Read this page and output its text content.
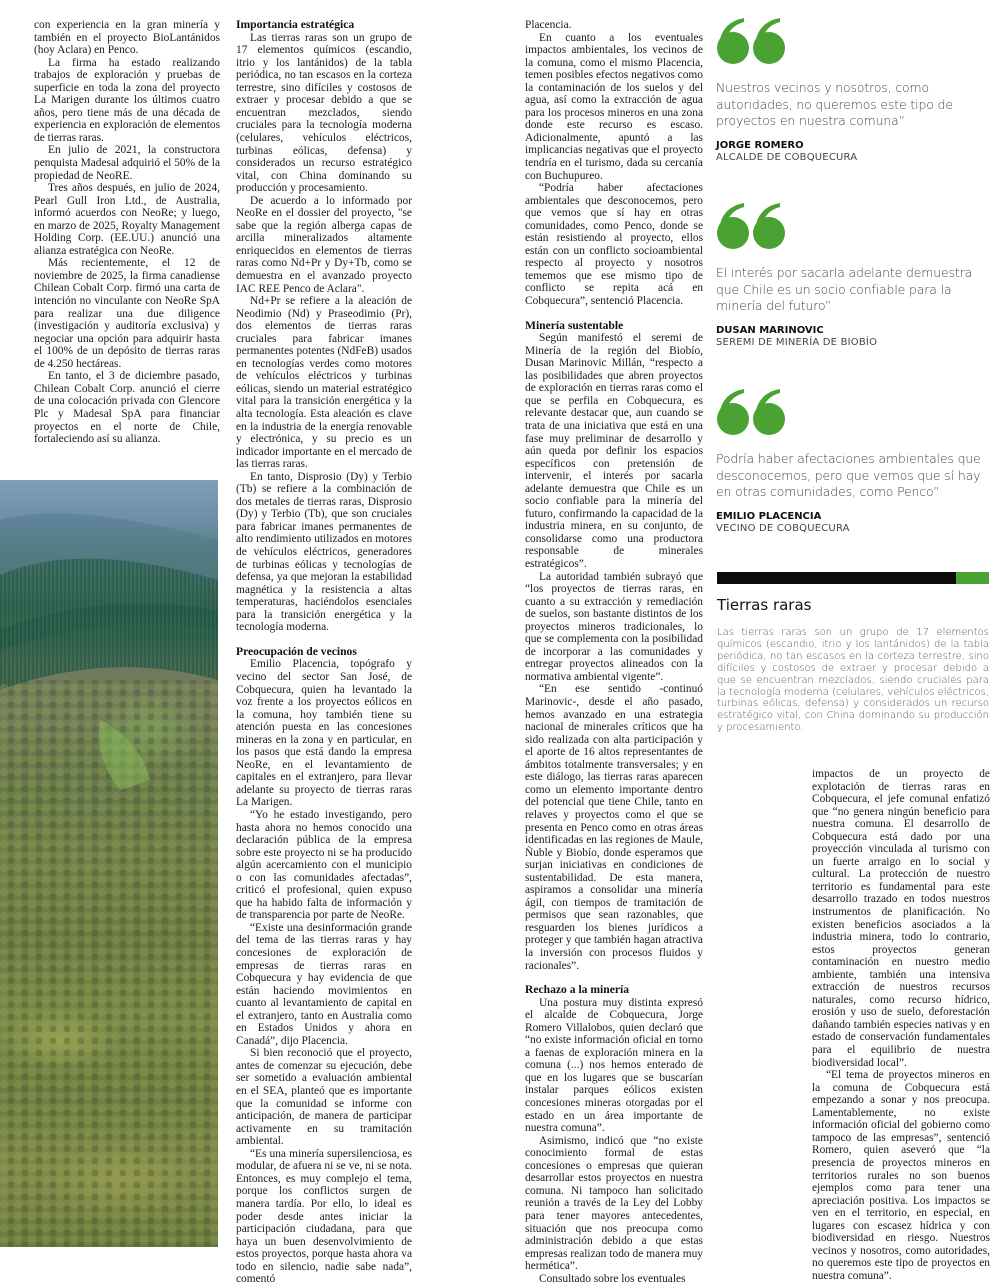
con experiencia en la gran minería y también en el proyecto BioLantánidos (hoy Aclara) en Penco.

La firma ha estado realizando trabajos de exploración y pruebas de superficie en toda la zona del proyecto La Marigen durante los últimos cuatro años, pero tiene más de una década de experiencia en exploración de elementos de tierras raras.

En julio de 2021, la constructora penquista Madesal adquirió el 50% de la propiedad de NeoRE.

Tres años después, en julio de 2024, Pearl Gull Iron Ltd., de Australia, informó acuerdos con NeoRe; y luego, en marzo de 2025, Royalty Management Holding Corp. (EE.UU.) anunció una alianza estratégica con NeoRe.

Más recientemente, el 12 de noviembre de 2025, la firma canadiense Chilean Cobalt Corp. firmó una carta de intención no vinculante con NeoRe SpA para realizar una due diligence (investigación y auditoría exclusiva) y negociar una opción para adquirir hasta el 100% de un depósito de tierras raras de 4.250 hectáreas.

En tanto, el 3 de diciembre pasado, Chilean Cobalt Corp. anunció el cierre de una colocación privada con Glencore Plc y Madesal SpA para financiar proyectos en el norte de Chile, fortaleciendo así su alianza.

Importancia estratégica

Las tierras raras son un grupo de 17 elementos químicos (escandio, itrio y los lantánidos) de la tabla periódica, no tan escasos en la corteza terrestre, sino difíciles y costosos de extraer y procesar debido a que se encuentran mezclados, siendo cruciales para la tecnología moderna (celulares, vehículos eléctricos, turbinas eólicas, defensa) y considerados un recurso estratégico vital, con China dominando su producción y procesamiento.

De acuerdo a lo informado por NeoRe en el dossier del proyecto, "se sabe que la región alberga capas de arcilla mineralizados altamente enriquecidos en elementos de tierras raras como Nd+Pr y Dy+Tb, como se demuestra en el avanzado proyecto IAC REE Penco de Aclara".

Nd+Pr se refiere a la aleación de Neodimio (Nd) y Praseodimio (Pr), dos elementos de tierras raras cruciales para fabricar imanes permanentes potentes (NdFeB) usados en tecnologías verdes como motores de vehículos eléctricos y turbinas eólicas, siendo un material estratégico vital para la transición energética y la alta tecnología. Esta aleación es clave en la industria de la energía renovable y electrónica, y su precio es un indicador importante en el mercado de las tierras raras.

En tanto, Disprosio (Dy) y Terbio (Tb) se refiere a la combinación de dos metales de tierras raras, Disprosio (Dy) y Terbio (Tb), que son cruciales para fabricar imanes permanentes de alto rendimiento utilizados en motores de vehículos eléctricos, generadores de turbinas eólicas y tecnologías de defensa, ya que mejoran la estabilidad magnética y la resistencia a altas temperaturas, haciéndolos esenciales para la transición energética y la tecnología moderna.

Preocupación de vecinos

Emilio Placencia, topógrafo y vecino del sector San José, de Cobquecura, quien ha levantado la voz frente a los proyectos eólicos en la comuna, hoy también tiene su atención puesta en las concesiones mineras en la zona y en particular, en los pasos que está dando la empresa NeoRe, en el levantamiento de capitales en el extranjero, para llevar adelante su proyecto de tierras raras La Marigen.

“Yo he estado investigando, pero hasta ahora no hemos conocido una declaración pública de la empresa sobre este proyecto ni se ha producido algún acercamiento con el municipio o con las comunidades afectadas”, criticó el profesional, quien expuso que ha habido falta de información y de transparencia por parte de NeoRe.

“Existe una desinformación grande del tema de las tierras raras y hay concesiones de exploración de empresas de tierras raras en Cobquecura y hay evidencia de que están haciendo movimientos en cuanto al levantamiento de capital en el extranjero, tanto en Australia como en Estados Unidos y ahora en Canadá”, dijo Placencia.

Si bien reconoció que el proyecto, antes de comenzar su ejecución, debe ser sometido a evaluación ambiental en el SEA, planteó que es importante que la comunidad se informe con anticipación, de manera de participar activamente en su tramitación ambiental.

“Es una minería supersilenciosa, es modular, de afuera ni se ve, ni se nota. Entonces, es muy complejo el tema, porque los conflictos surgen de manera tardía. Por ello, lo ideal es poder desde antes iniciar la participación ciudadana, para que haya un buen desenvolvimiento de estos proyectos, porque hasta ahora va todo en silencio, nadie sabe nada”, comentó

Placencia.

En cuanto a los eventuales impactos ambientales, los vecinos de la comuna, como el mismo Placencia, temen posibles efectos negativos como la contaminación de los suelos y del agua, así como la extracción de agua para los procesos mineros en una zona donde este recurso es escaso. Adicionalmente, apuntó a las implicancias negativas que el proyecto tendría en el turismo, dada su cercanía con Buchupureo.

“Podría haber afectaciones ambientales que desconocemos, pero que vemos que sí hay en otras comunidades, como Penco, donde se están resistiendo al proyecto, ellos están con un conflicto socioambiental respecto al proyecto y nosotros tememos que ese mismo tipo de conflicto se repita acá en Cobquecura”, sentenció Placencia.

Minería sustentable

Según manifestó el seremi de Minería de la región del Biobío, Dusan Marinovic Millán, “respecto a las posibilidades que abren proyectos de exploración en tierras raras como el que se perfila en Cobquecura, es relevante destacar que, aun cuando se trata de una iniciativa que está en una fase muy preliminar de desarrollo y aún queda por definir los espacios específicos con pretensión de intervenir, el interés por sacarla adelante demuestra que Chile es un socio confiable para la minería del futuro, confirmando la capacidad de la industria minera, en su conjunto, de consolidarse como una productora responsable de minerales estratégicos”.

La autoridad también subrayó que “los proyectos de tierras raras, en cuanto a su extracción y remediación de suelos, son bastante distintos de los proyectos mineros tradicionales, lo que se complementa con la posibilidad de incorporar a las comunidades y entregar proyectos alineados con la normativa ambiental vigente”.

“En ese sentido -continuó Marinovic-, desde el año pasado, hemos avanzado en una estrategia nacional de minerales críticos que ha sido realizada con alta participación y el aporte de 16 altos representantes de ámbitos totalmente transversales; y en este diálogo, las tierras raras aparecen como un elemento importante dentro del potencial que tiene Chile, tanto en relaves y proyectos como el que se presenta en Penco como en otras áreas identificadas en las regiones de Maule, Ñuble y Biobío, donde esperamos que surjan iniciativas en condiciones de sustentabilidad. De esta manera, aspiramos a consolidar una minería ágil, con tiempos de tramitación de permisos que sean razonables, que resguarden los bienes jurídicos a proteger y que también hagan atractiva la inversión con procesos fluidos y racionales”.

Rechazo a la minería

Una postura muy distinta expresó el alcalde de Cobquecura, Jorge Romero Villalobos, quien declaró que “no existe información oficial en torno a faenas de exploración minera en la comuna (...) nos hemos enterado de que en los lugares que se buscarían instalar parques eólicos existen concesiones mineras otorgadas por el estado en un área importante de nuestra comuna”.

Asimismo, indicó que “no existe conocimiento formal de estas concesiones o empresas que quieran desarrollar estos proyectos en nuestra comuna. Ni tampoco han solicitado reunión a través de la Ley del Lobby para tener mayores antecedentes, situación que nos preocupa como administración debido a que estas empresas realizan todo de manera muy hermética”.

Consultado sobre los eventuales

Nuestros vecinos y nosotros, como autoridades, no queremos este tipo de proyectos en nuestra comuna”
JORGE ROMERO
ALCALDE DE COBQUECURA
El interés por sacarla adelante demuestra que Chile es un socio confiable para la minería del futuro”
DUSAN MARINOVIC
SEREMI DE MINERÍA DE BIOBÍO
Podría haber afectaciones ambientales que desconocemos, pero que vemos que sí hay en otras comunidades, como Penco”
EMILIO PLACENCIA
VECINO DE COBQUECURA
Tierras raras
Las tierras raras son un grupo de 17 elementos químicos (escandio, itrio y los lantánidos) de la tabla periódica, no tan escasos en la corteza terrestre, sino difíciles y costosos de extraer y procesar debido a que se encuentran mezclados, siendo cruciales para la tecnología moderna (celulares, vehículos eléctricos, turbinas eólicas, defensa) y considerados un recurso estratégico vital, con China dominando su producción y procesamiento.

impactos de un proyecto de explotación de tierras raras en Cobquecura, el jefe comunal enfatizó que “no genera ningún beneficio para nuestra comuna. El desarrollo de Cobquecura está dado por una proyección vinculada al turismo con un fuerte arraigo en lo social y cultural. La protección de nuestro territorio es fundamental para este desarrollo trazado en todos nuestros instrumentos de planificación. No existen beneficios asociados a la industria minera, todo lo contrario, estos proyectos generan contaminación en nuestro medio ambiente, también una intensiva extracción de nuestros recursos naturales, como recurso hídrico, erosión y uso de suelo, deforestación dañando también especies nativas y en estado de conservación fundamentales para el equilibrio de nuestra biodiversidad local”.

“El tema de proyectos mineros en la comuna de Cobquecura está empezando a sonar y nos preocupa. Lamentablemente, no existe información oficial del gobierno como tampoco de las empresas”, sentenció Romero, quien aseveró que “la presencia de proyectos mineros en territorios rurales no son buenos ejemplos como para tener una apreciación positiva. Los impactos se ven en el territorio, en especial, en lugares con escasez hídrica y con biodiversidad en riesgo. Nuestros vecinos y nosotros, como autoridades, no queremos este tipo de proyectos en nuestra comuna”.
